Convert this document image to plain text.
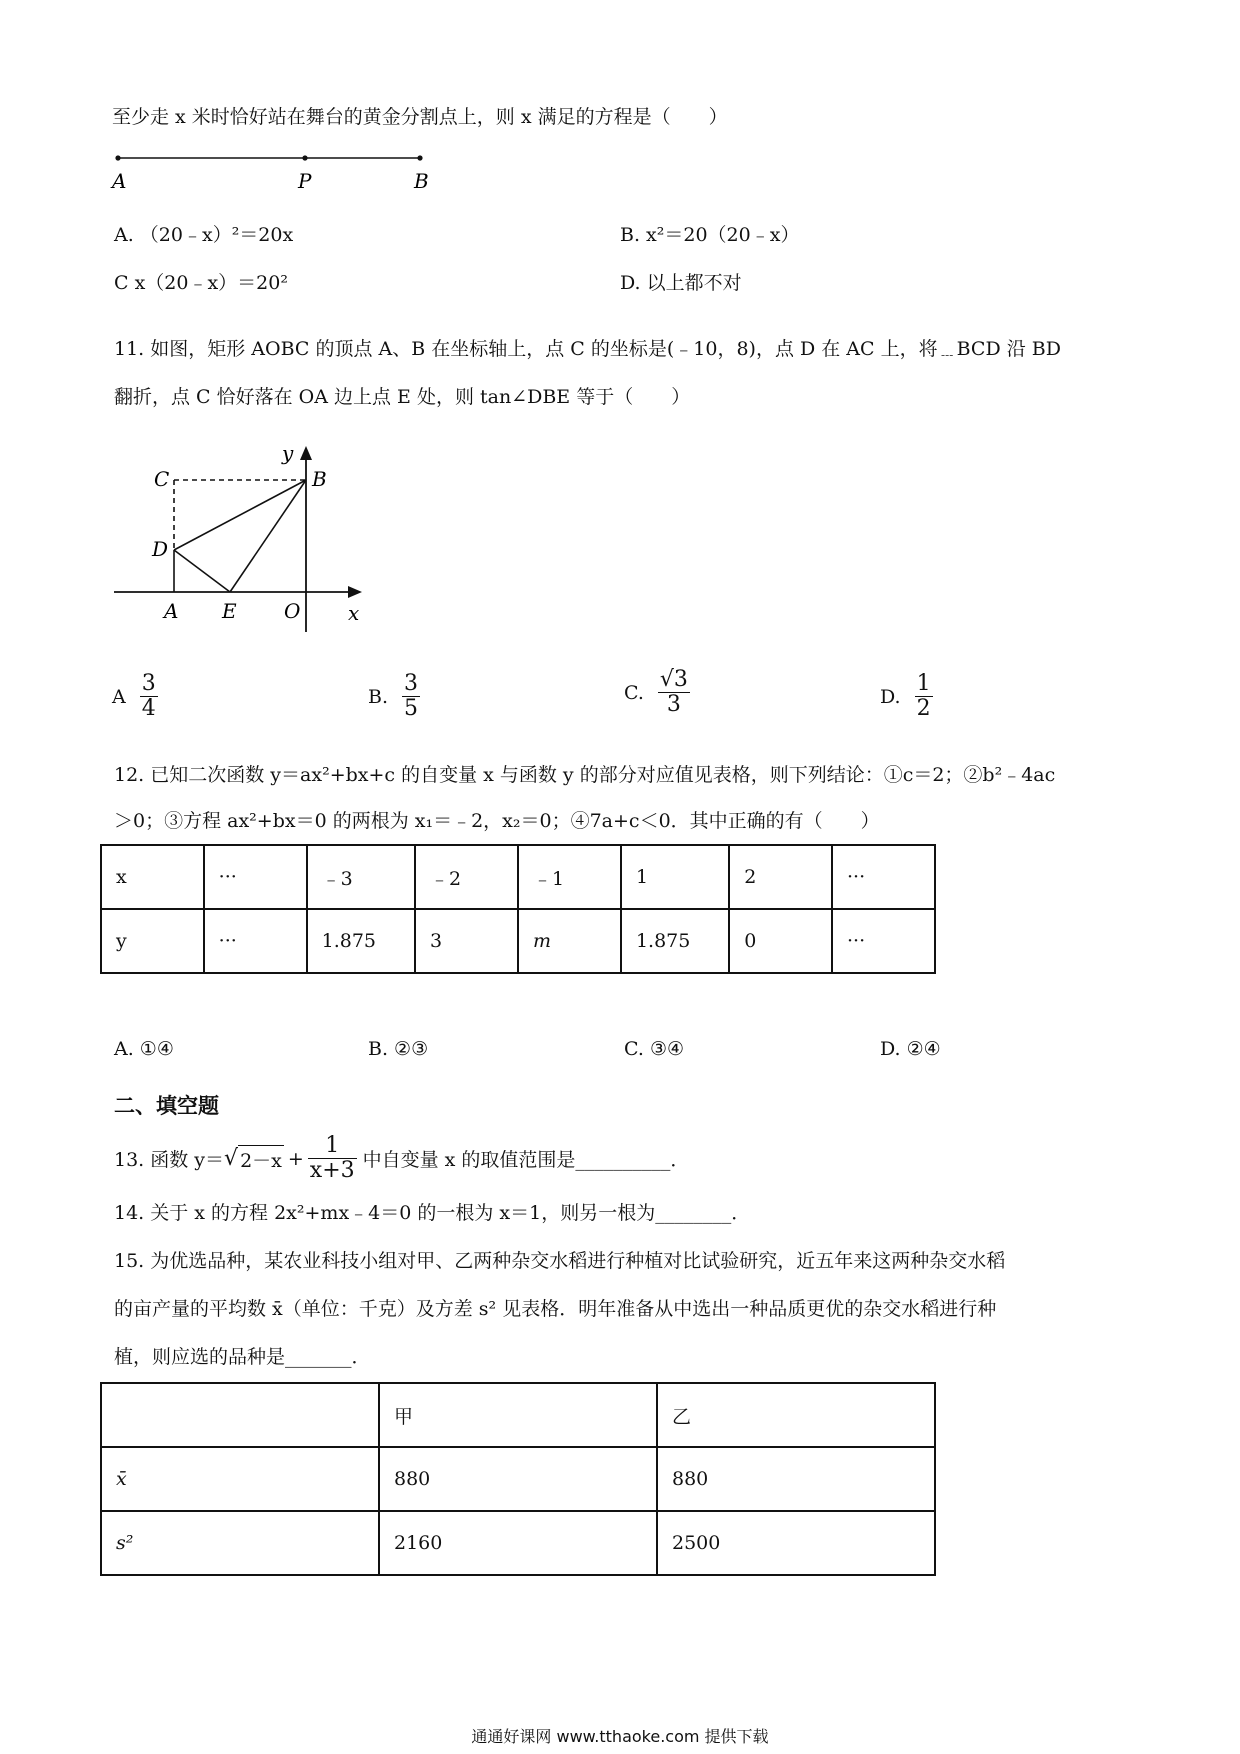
至少走 x 米时恰好站在舞台的黄金分割点上，则 x 满足的方程是（　　）
A	P	B
A. （20﹣x）²＝20x	B. x²＝20（20﹣x）
C x（20﹣x）＝20²	D. 以上都不对
11. 如图，矩形 AOBC 的顶点 A、B 在坐标轴上，点 C 的坐标是(﹣10，8)，点 D 在 AC 上，将﹍BCD 沿 BD
翻折，点 C 恰好落在 OA 边上点 E 处，则 tan∠DBE 等于（　　）
y
C	B
D
A E O x
A $\frac{3}{4}$	B. $\frac{3}{5}$	C. $\frac{√3}{3}$	D. $\frac{1}{2}$
12. 已知二次函数 y＝ax²+bx+c 的自变量 x 与函数 y 的部分对应值见表格，则下列结论：①c＝2；②b²﹣4ac
＞0；③方程 ax²+bx＝0 的两根为 x₁＝﹣2，x₂＝0；④7a+c＜0．其中正确的有（　　）
x	···	﹣3	﹣2	﹣1	1	2	···
y	···	1.875	3	m	1.875	0	···
A. ①④	B. ②③	C. ③④	D. ②④
二、填空题
13. 函数 y＝ √ $2-x + \frac{1}{x+3}$ 中自变量 x 的取值范围是__________．
14. 关于 x 的方程 2x²+mx﹣4＝0 的一根为 x＝1，则另一根为________．
15. 为优选品种，某农业科技小组对甲、乙两种杂交水稻进行种植对比试验研究，近五年来这两种杂交水稻
的亩产量的平均数 x̄（单位：千克）及方差 s² 见表格．明年准备从中选出一种品质更优的杂交水稻进行种
植，则应选的品种是_______．
	甲	乙
x̄	880	880
s²	2160	2500
通通好课网 www.tthaoke.com 提供下载
